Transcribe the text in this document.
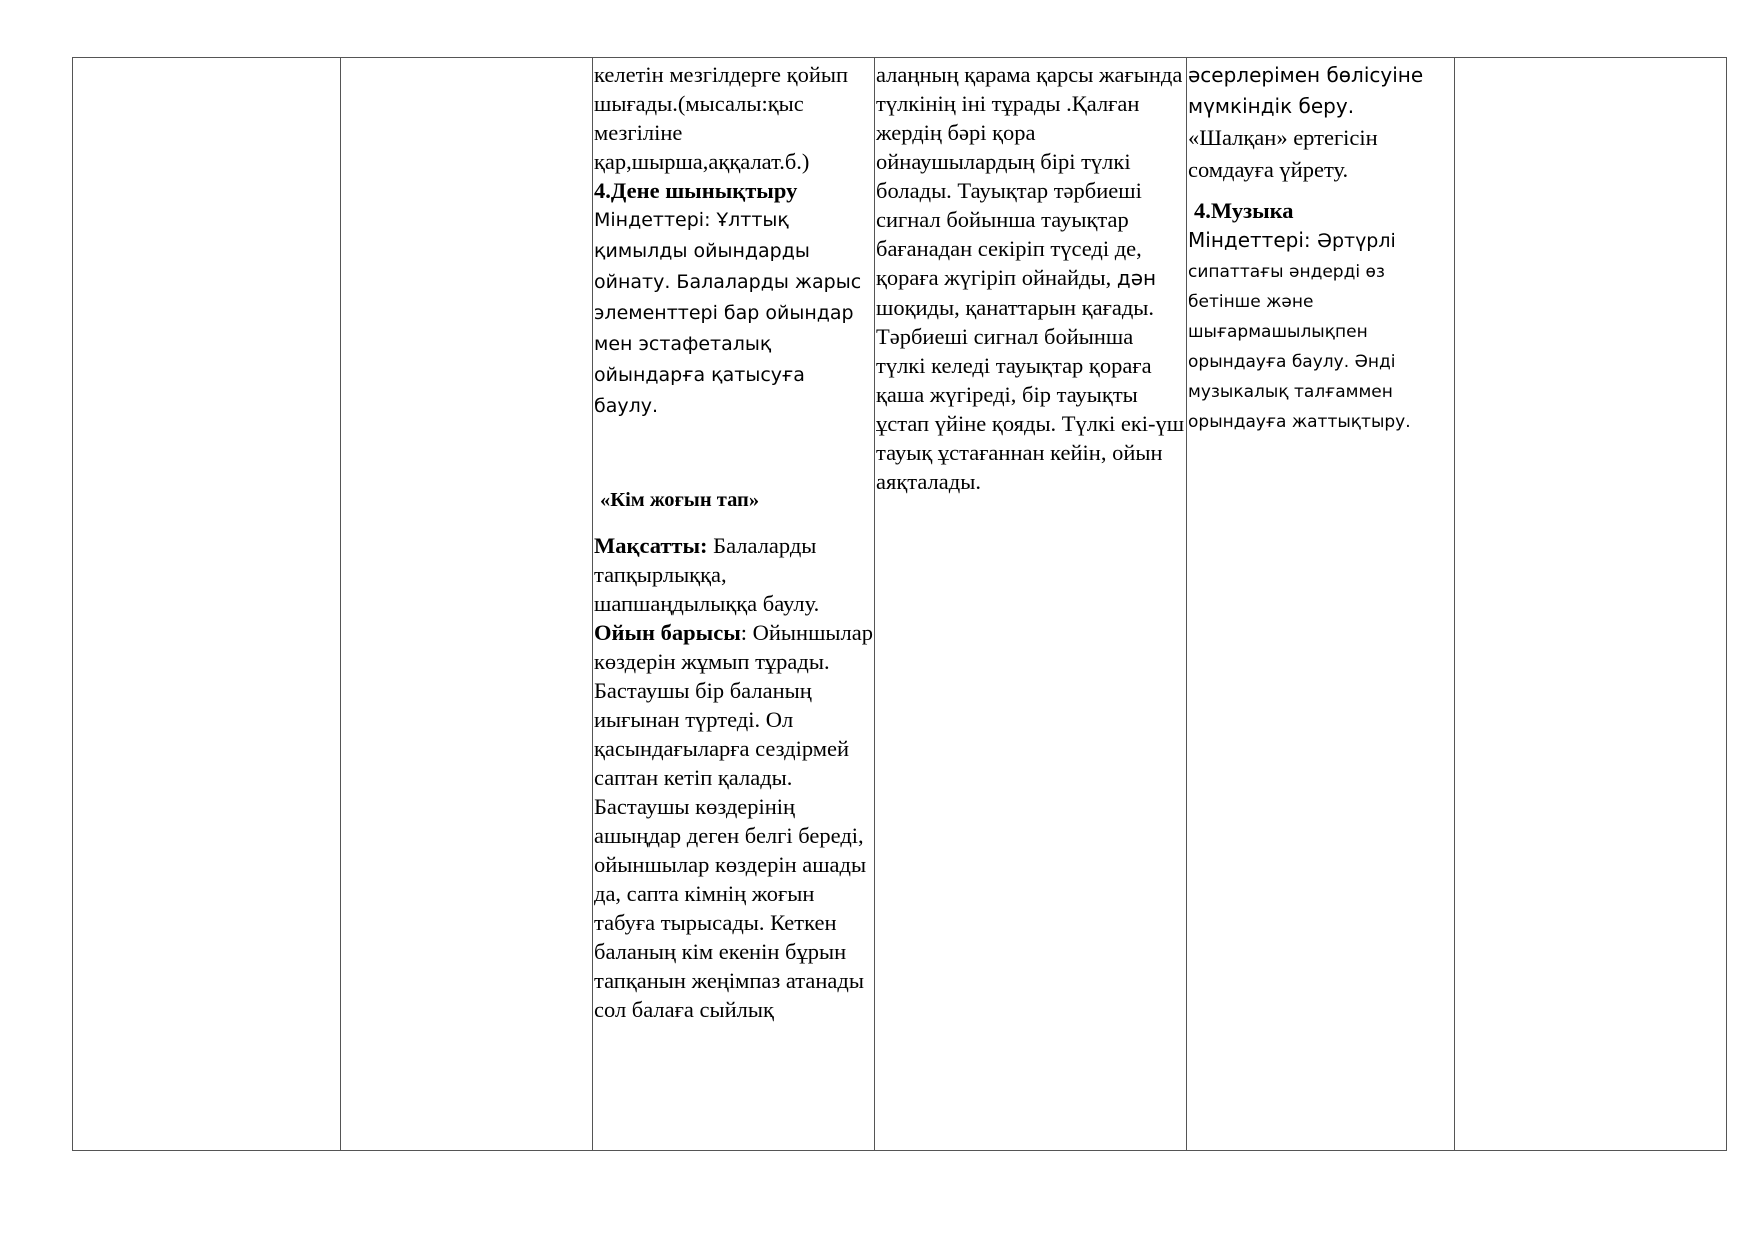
келетін мезгілдерге қойып шығады.(мысалы:қыс мезгіліне қар,шырша,аққалат.б.)

4.Дене шынықтыру

Міндеттері: Ұлттық қимылды ойындарды ойнату. Балаларды жарыс элементтері бар ойындар мен эстафеталық ойындарға қатысуға баулу.

«Кім жоғын тап»

Мақсатты: Балаларды тапқырлыққа, шапшаңдылыққа баулу.

Ойын барысы: Ойыншылар көздерін жұмып тұрады. Бастаушы бір баланың иығынан түртеді. Ол қасындағыларға сездірмей саптан кетіп қалады. Бастаушы көздерінің ашыңдар деген белгі береді, ойыншылар көздерін ашады да, сапта кімнің жоғын табуға тырысады. Кеткен баланың кім екенін бұрын тапқанын жеңімпаз атанады сол балаға сыйлық

алаңның қарама қарсы жағында түлкінің іні тұрады .Қалған жердің бәрі қора ойнаушылардың бірі түлкі болады. Тауықтар тәрбиеші сигнал бойынша тауықтар бағанадан секіріп түседі де, қораға жүгіріп ойнайды, дән шоқиды, қанаттарын қағады. Тәрбиеші сигнал бойынша түлкі келеді тауықтар қораға қаша жүгіреді, бір тауықты ұстап үйіне қояды. Түлкі екі-үш тауық ұстағаннан кейін, ойын аяқталады.

әсерлерімен бөлісуіне мүмкіндік беру.

«Шалқан» ертегісін сомдауға үйрету.

4.Музыка

Міндеттері: Әртүрлі сипаттағы әндерді өз бетінше және шығармашылықпен орындауға баулу. Әнді музыкалық талғаммен орындауға жаттықтыру.
